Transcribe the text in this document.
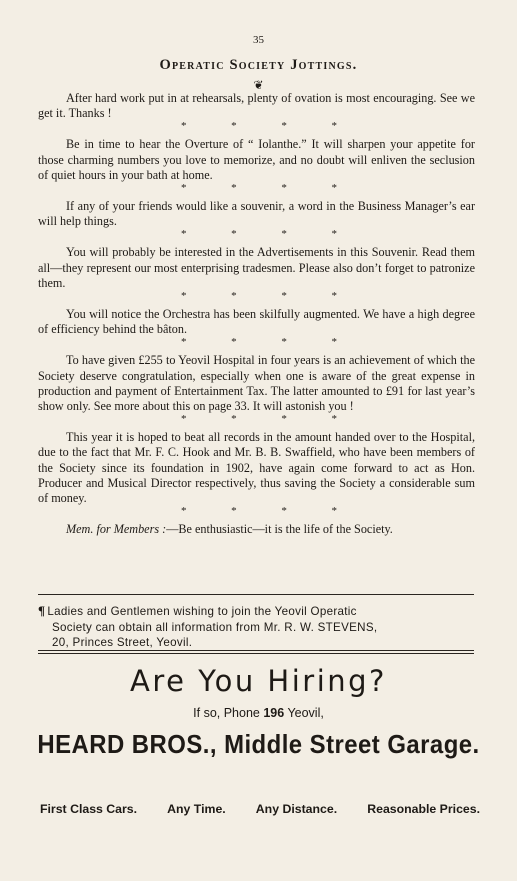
35
Operatic Society Jottings.
❦

After hard work put in at rehearsals, plenty of ovation is most encouraging. See we get it. Thanks !

*	*	*	*

Be in time to hear the Overture of “ Iolanthe.” It will sharpen your appetite for those charming numbers you love to memorize, and no doubt will enliven the seclusion of quiet hours in your bath at home.

*	*	*	*

If any of your friends would like a souvenir, a word in the Business Manager’s ear will help things.

*	*	*	*

You will probably be interested in the Advertisements in this Souvenir. Read them all—they represent our most enterprising tradesmen. Please also don’t forget to patronize them.

*	*	*	*

You will notice the Orchestra has been skilfully augmented. We have a high degree of efficiency behind the bâton.

*	*	*	*

To have given £255 to Yeovil Hospital in four years is an achievement of which the Society deserve congratulation, especially when one is aware of the great expense in production and payment of Entertainment Tax. The latter amounted to £91 for last year’s show only. See more about this on page 33. It will astonish you !

*	*	*	*

This year it is hoped to beat all records in the amount handed over to the Hospital, due to the fact that Mr. F. C. Hook and Mr. B. B. Swaffield, who have been members of the Society since its foundation in 1902, have again come forward to act as Hon. Producer and Musical Director respectively, thus saving the Society a considerable sum of money.

*	*	*	*

Mem. for Members :—Be enthusiastic—it is the life of the Society.

¶ Ladies and Gentlemen wishing to join the Yeovil Operatic
Society can obtain all information from Mr. R. W. STEVENS,
20, Princes Street, Yeovil.
Are You Hiring?
If so, Phone 196 Yeovil,
HEARD BROS., Middle Street Garage.
First Class Cars. Any Time. Any Distance. Reasonable Prices.
